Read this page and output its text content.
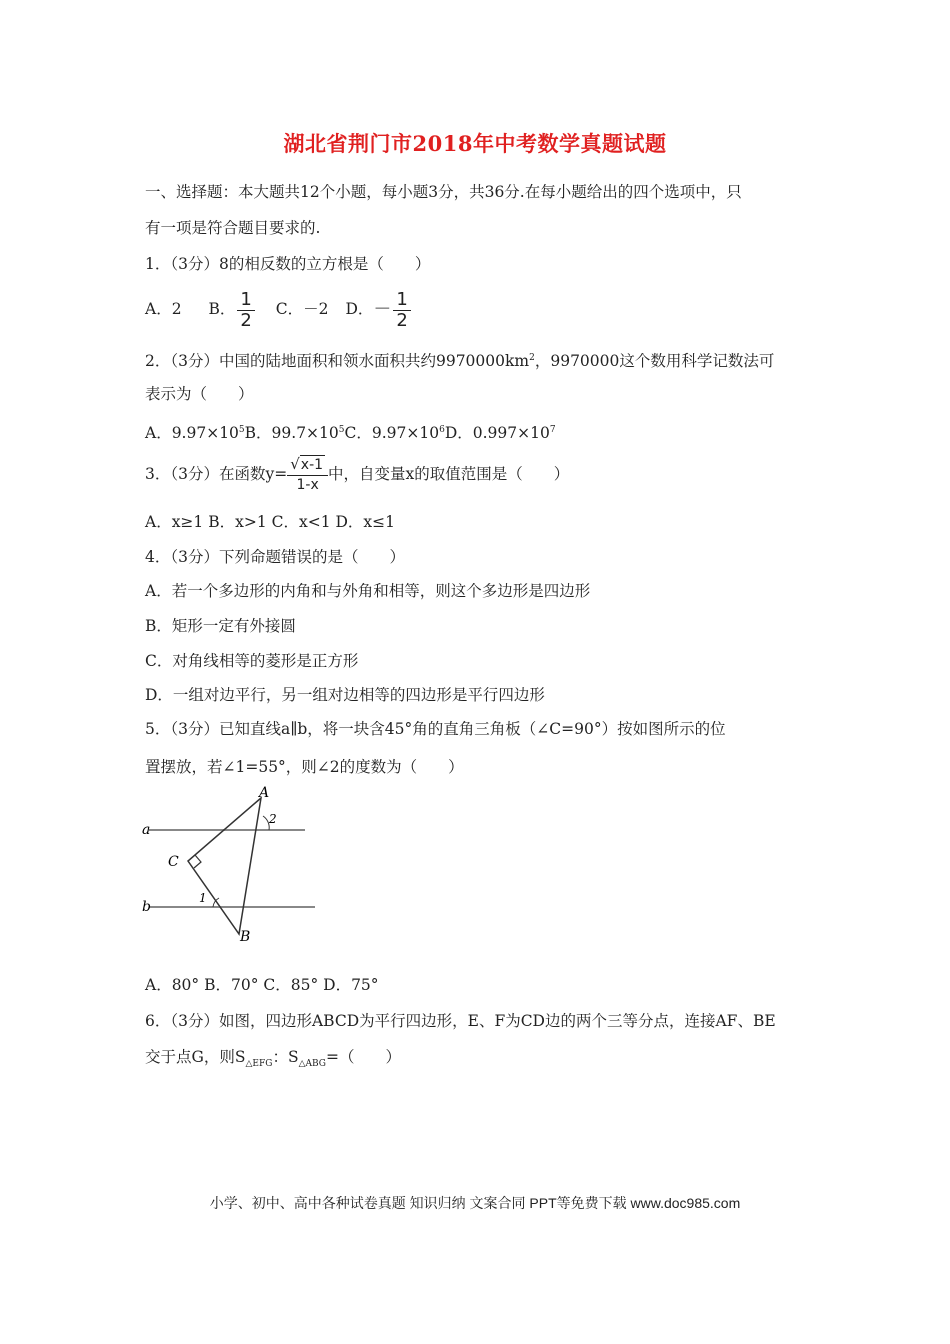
湖北省荆门市2018年中考数学真题试题
一、选择题：本大题共12个小题，每小题3分，共36分.在每小题给出的四个选项中，只
有一项是符合题目要求的.
1．（3分）8的相反数的立方根是（　　）
A．2 B． $\frac{1}{2}$ C．－2 D．－ $\frac{1}{2}$
2．（3分）中国的陆地面积和领水面积共约$9970000km^2$，9970000这个数用科学记数法可
表示为（　　）
A．$9.97\times 10^5B$．$99.7\times 10^5C$．$9.97\times 10^6D$．$0.997\times 10^7$
3．（3分）在函数$y= \frac{√x-1}{1-x}$ 中，自变量x的取值范围是（　　）
A．x≥1 B．x>1 C．x<1 D．x≤1
4．（3分）下列命题错误的是（　　）
A．若一个多边形的内角和与外角和相等，则这个多边形是四边形
B．矩形一定有外接圆
C．对角线相等的菱形是正方形
D．一组对边平行，另一组对边相等的四边形是平行四边形
5．（3分）已知直线a∥b，将一块含45°角的直角三角板（∠C=90°）按如图所示的位
置摆放，若∠1=55°，则∠2的度数为（　　）
a
b
A
B
C
1
2
A．80° B．70° C．85° D．75°
6．（3分）如图，四边形ABCD为平行四边形，E、F为CD边的两个三等分点，连接AF、BE
交于点G，则$S_{\triangle EFG}$：$S_{\triangle ABG}=$（　　）
小学、初中、高中各种试卷真题 知识归纳 文案合同 PPT等免费下载 www.doc985.com
